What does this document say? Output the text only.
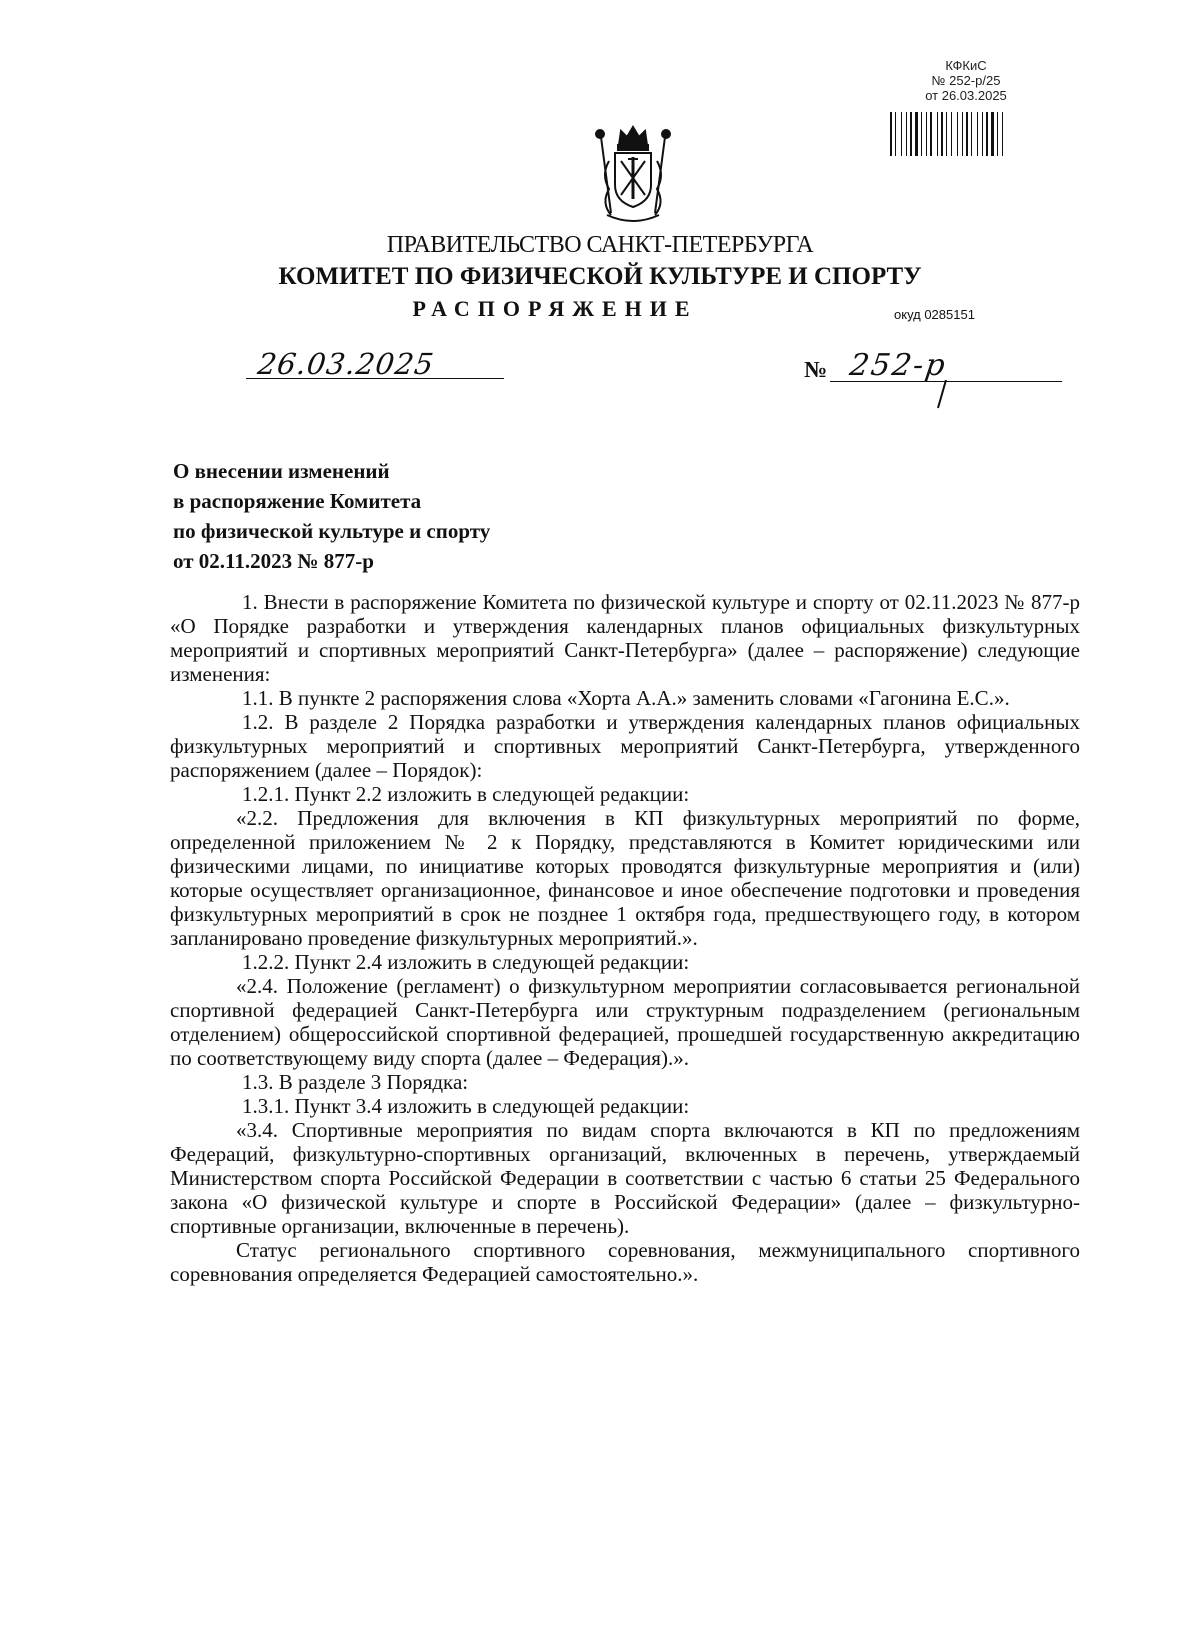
КФКиС
№ 252-р/25
от 26.03.2025
ПРАВИТЕЛЬСТВО САНКТ-ПЕТЕРБУРГА
КОМИТЕТ ПО ФИЗИЧЕСКОЙ КУЛЬТУРЕ И СПОРТУ
РАСПОРЯЖЕНИЕ	окуд 0285151
26.03.2025	№ 252-р
О внесении изменений
в распоряжение Комитета
по физической культуре и спорту
от 02.11.2023 № 877-р

1. Внести в распоряжение Комитета по физической культуре и спорту от 02.11.2023 № 877-р «О Порядке разработки и утверждения календарных планов официальных физкультурных мероприятий и спортивных мероприятий Санкт-Петербурга» (далее – распоряжение) следующие изменения:

1.1. В пункте 2 распоряжения слова «Хорта А.А.» заменить словами «Гагонина Е.С.».

1.2. В разделе 2 Порядка разработки и утверждения календарных планов официальных физкультурных мероприятий и спортивных мероприятий Санкт-Петербурга, утвержденного распоряжением (далее – Порядок):

1.2.1. Пункт 2.2 изложить в следующей редакции:

«2.2. Предложения для включения в КП физкультурных мероприятий по форме, определенной приложением № 2 к Порядку, представляются в Комитет юридическими или физическими лицами, по инициативе которых проводятся физкультурные мероприятия и (или) которые осуществляет организационное, финансовое и иное обеспечение подготовки и проведения физкультурных мероприятий в срок не позднее 1 октября года, предшествующего году, в котором запланировано проведение физкультурных мероприятий.».

1.2.2. Пункт 2.4 изложить в следующей редакции:

«2.4. Положение (регламент) о физкультурном мероприятии согласовывается региональной спортивной федерацией Санкт-Петербурга или структурным подразделением (региональным отделением) общероссийской спортивной федерацией, прошедшей государственную аккредитацию по соответствующему виду спорта (далее – Федерация).».

1.3. В разделе 3 Порядка:

1.3.1. Пункт 3.4 изложить в следующей редакции:

«3.4. Спортивные мероприятия по видам спорта включаются в КП по предложениям Федераций, физкультурно-спортивных организаций, включенных в перечень, утверждаемый Министерством спорта Российской Федерации в соответствии с частью 6 статьи 25 Федерального закона «О физической культуре и спорте в Российской Федерации» (далее – физкультурно-спортивные организации, включенные в перечень).

Статус регионального спортивного соревнования, межмуниципального спортивного соревнования определяется Федерацией самостоятельно.».
